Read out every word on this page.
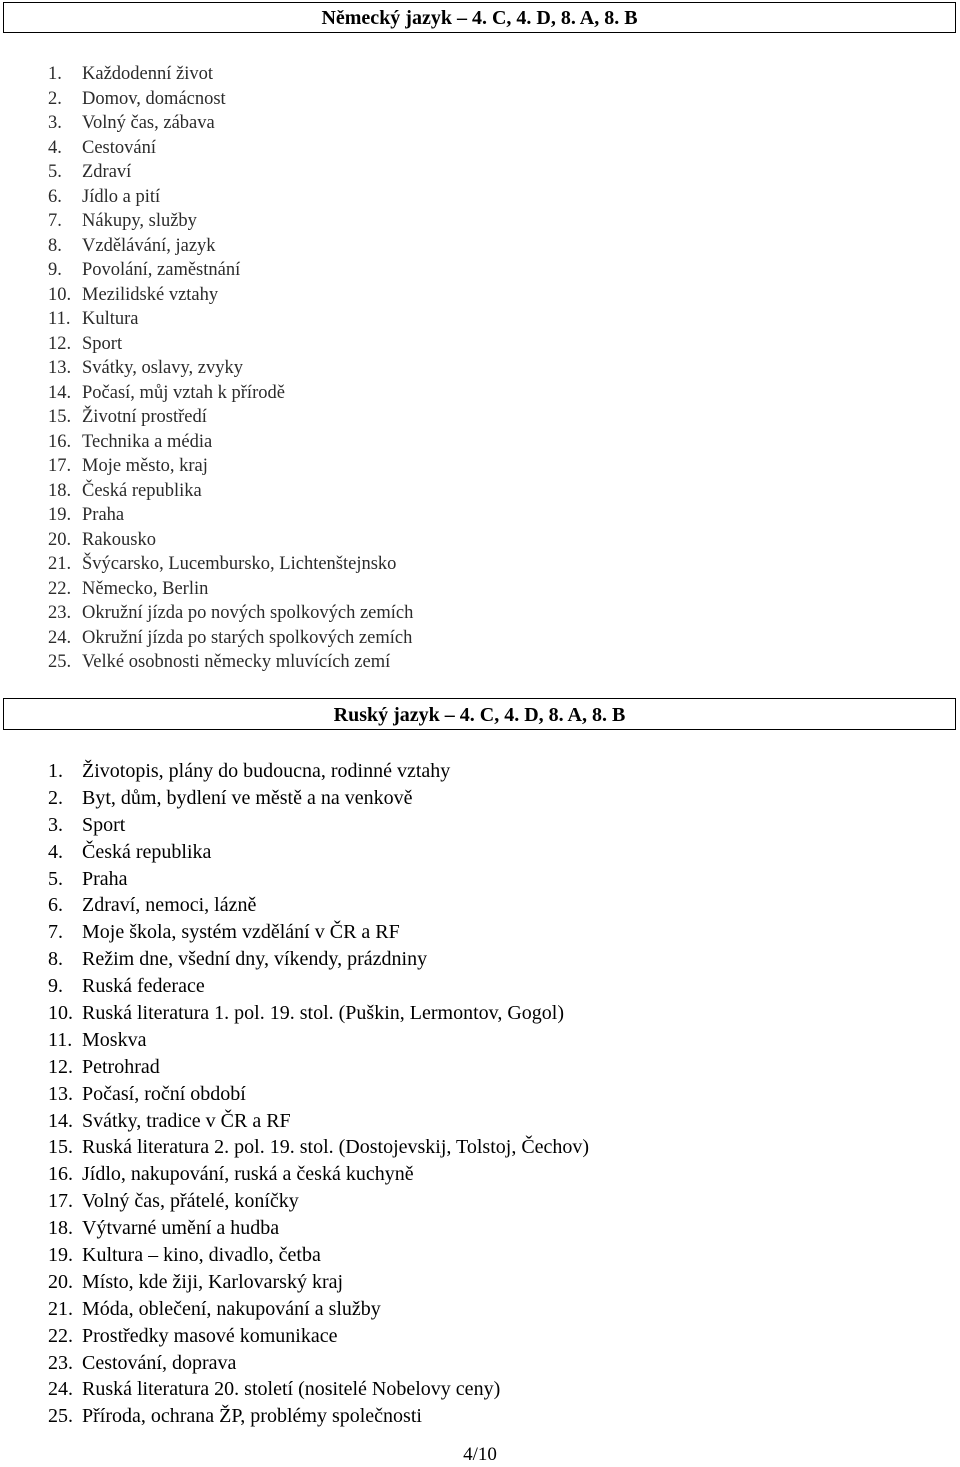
Německý jazyk – 4. C, 4. D, 8. A, 8. B
1.	Každodenní život
2.	Domov, domácnost
3.	Volný čas, zábava
4.	Cestování
5.	Zdraví
6.	Jídlo a pití
7.	Nákupy, služby
8.	Vzdělávání, jazyk
9.	Povolání, zaměstnání
10. Mezilidské vztahy
11. Kultura
12. Sport
13. Svátky, oslavy, zvyky
14. Počasí, můj vztah k přírodě
15. Životní prostředí
16. Technika a média
17. Moje město, kraj
18. Česká republika
19. Praha
20. Rakousko
21. Švýcarsko, Lucembursko, Lichtenštejnsko
22. Německo, Berlin
23. Okružní jízda po nových spolkových zemích
24. Okružní jízda po starých spolkových zemích
25. Velké osobnosti německy mluvících zemí
Ruský jazyk – 4. C, 4. D, 8. A, 8. B
1. Životopis, plány do budoucna, rodinné vztahy
2. Byt, dům, bydlení ve městě a na venkově
3. Sport
4. Česká republika
5. Praha
6. Zdraví, nemoci, lázně
7. Moje škola, systém vzdělání v ČR a RF
8. Režim dne, všední dny, víkendy, prázdniny
9. Ruská federace
10. Ruská literatura 1. pol. 19. stol. (Puškin, Lermontov, Gogol)
11. Moskva
12. Petrohrad
13. Počasí, roční období
14. Svátky, tradice v ČR a RF
15. Ruská literatura 2. pol. 19. stol. (Dostojevskij, Tolstoj, Čechov)
16. Jídlo, nakupování, ruská a česká kuchyně
17. Volný čas, přátelé, koníčky
18. Výtvarné umění a hudba
19. Kultura – kino, divadlo, četba
20. Místo, kde žiji, Karlovarský kraj
21. Móda, oblečení, nakupování a služby
22. Prostředky masové komunikace
23. Cestování, doprava
24. Ruská literatura 20. století (nositelé Nobelovy ceny)
25. Příroda, ochrana ŽP, problémy společnosti
4/10
